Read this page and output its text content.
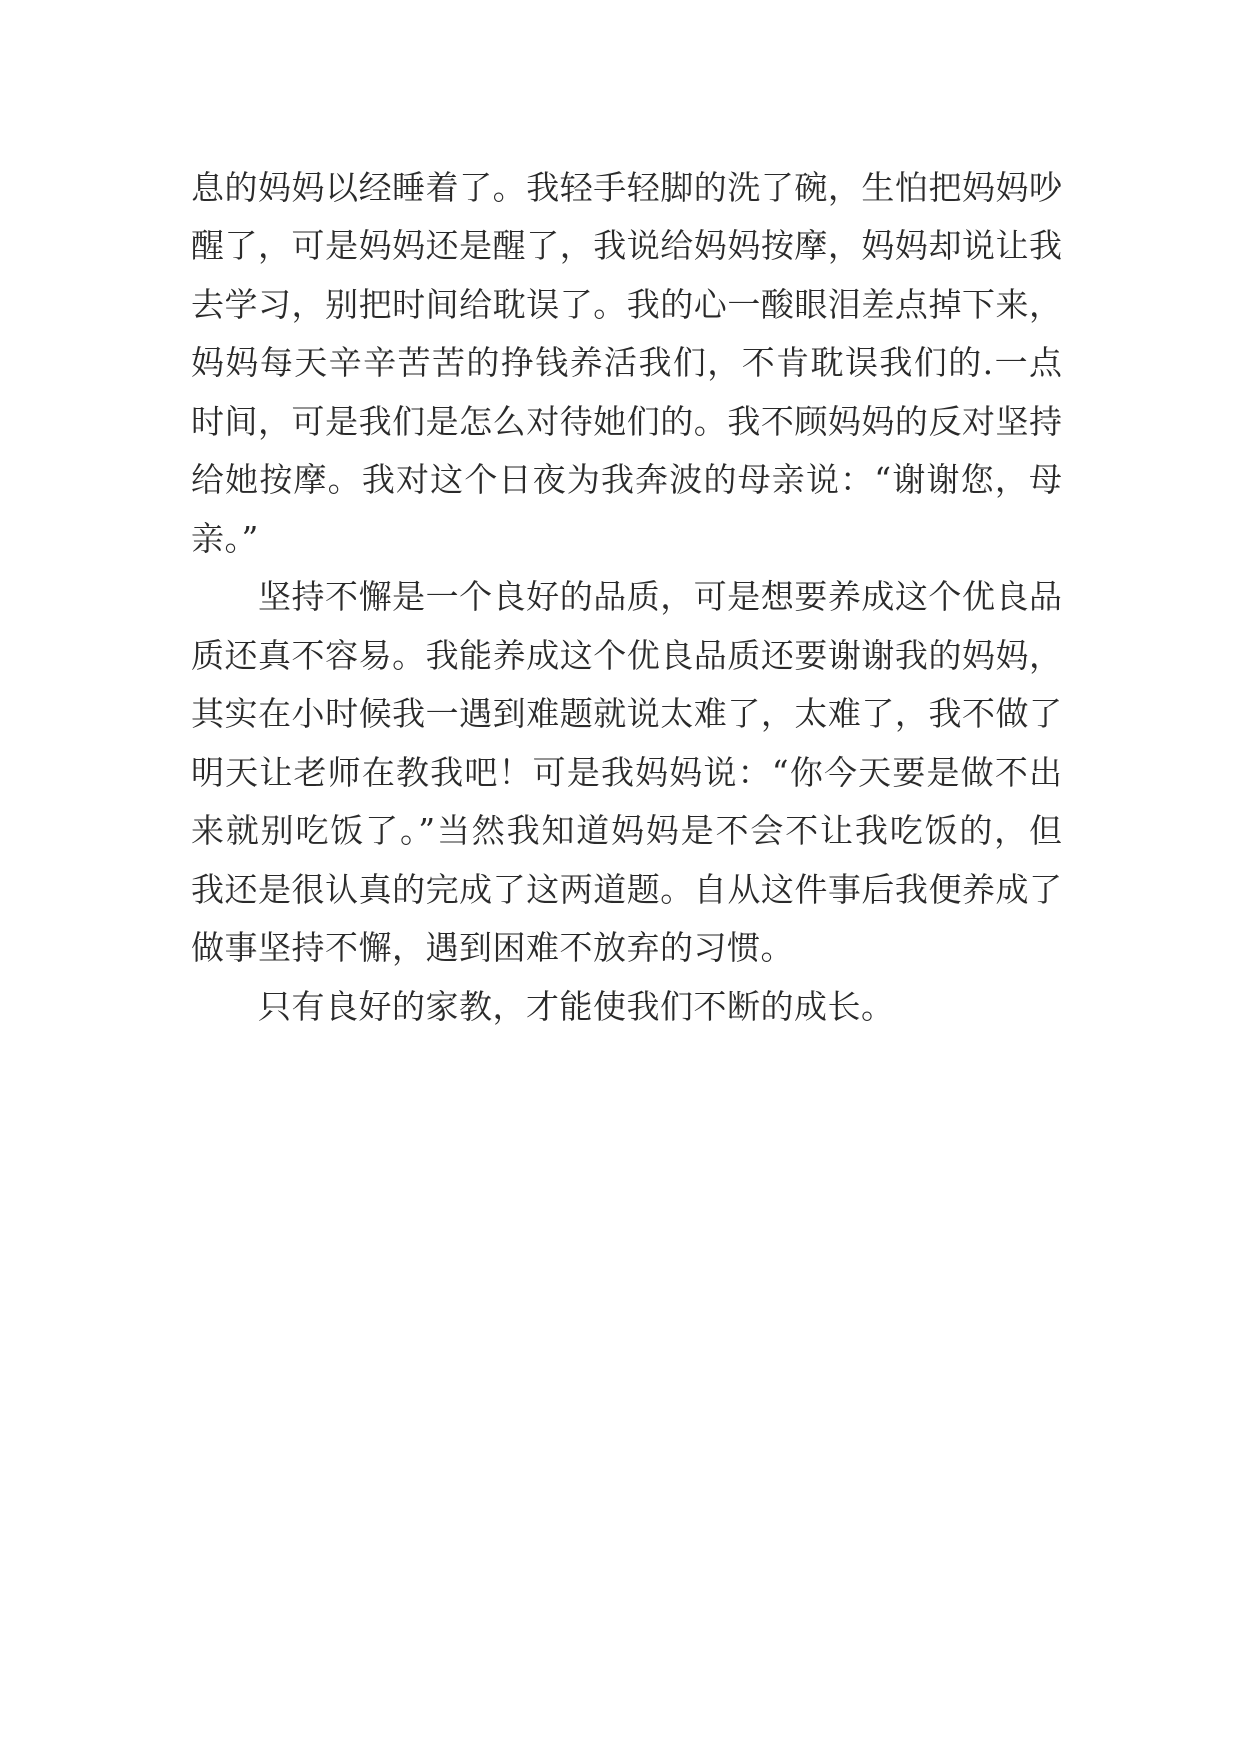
息的妈妈以经睡着了。我轻手轻脚的洗了碗，生怕把妈妈吵
醒了，可是妈妈还是醒了，我说给妈妈按摩，妈妈却说让我
去学习，别把时间给耽误了。我的心一酸眼泪差点掉下来，
妈妈每天辛辛苦苦的挣钱养活我们，不肯耽误我们的.一点
时间，可是我们是怎么对待她们的。我不顾妈妈的反对坚持
给她按摩。我对这个日夜为我奔波的母亲说：“谢谢您，母
亲。”
坚持不懈是一个良好的品质，可是想要养成这个优良品
质还真不容易。我能养成这个优良品质还要谢谢我的妈妈，
其实在小时候我一遇到难题就说太难了，太难了，我不做了
明天让老师在教我吧！可是我妈妈说：“你今天要是做不出
来就别吃饭了。”当然我知道妈妈是不会不让我吃饭的，但
我还是很认真的完成了这两道题。自从这件事后我便养成了
做事坚持不懈，遇到困难不放弃的习惯。
只有良好的家教，才能使我们不断的成长。
